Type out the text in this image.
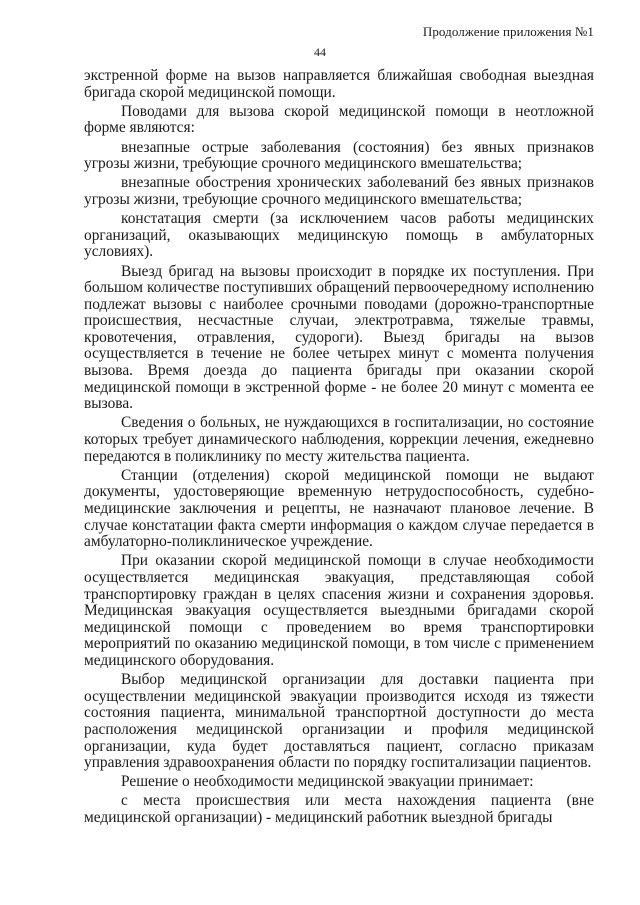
Продолжение приложения №1
44

экстренной форме на вызов направляется ближайшая свободная выездная бригада скорой медицинской помощи.

Поводами для вызова скорой медицинской помощи в неотложной форме являются:

внезапные острые заболевания (состояния) без явных признаков угрозы жизни, требующие срочного медицинского вмешательства;

внезапные обострения хронических заболеваний без явных признаков угрозы жизни, требующие срочного медицинского вмешательства;

констатация смерти (за исключением часов работы медицинских организаций, оказывающих медицинскую помощь в амбулаторных условиях).

Выезд бригад на вызовы происходит в порядке их поступления. При большом количестве поступивших обращений первоочередному исполнению подлежат вызовы с наиболее срочными поводами (дорожно-транспортные происшествия, несчастные случаи, электротравма, тяжелые травмы, кровотечения, отравления, судороги). Выезд бригады на вызов осуществляется в течение не более четырех минут с момента получения вызова. Время доезда до пациента бригады при оказании скорой медицинской помощи в экстренной форме - не более 20 минут с момента ее вызова.

Сведения о больных, не нуждающихся в госпитализации, но состояние которых требует динамического наблюдения, коррекции лечения, ежедневно передаются в поликлинику по месту жительства пациента.

Станции (отделения) скорой медицинской помощи не выдают документы, удостоверяющие временную нетрудоспособность, судебно-медицинские заключения и рецепты, не назначают плановое лечение. В случае констатации факта смерти информация о каждом случае передается в амбулаторно-поликлиническое учреждение.

При оказании скорой медицинской помощи в случае необходимости осуществляется медицинская эвакуация, представляющая собой транспортировку граждан в целях спасения жизни и сохранения здоровья. Медицинская эвакуация осуществляется выездными бригадами скорой медицинской помощи с проведением во время транспортировки мероприятий по оказанию медицинской помощи, в том числе с применением медицинского оборудования.

Выбор медицинской организации для доставки пациента при осуществлении медицинской эвакуации производится исходя из тяжести состояния пациента, минимальной транспортной доступности до места расположения медицинской организации и профиля медицинской организации, куда будет доставляться пациент, согласно приказам управления здравоохранения области по порядку госпитализации пациентов.

Решение о необходимости медицинской эвакуации принимает:

с места происшествия или места нахождения пациента (вне медицинской организации) - медицинский работник выездной бригады
